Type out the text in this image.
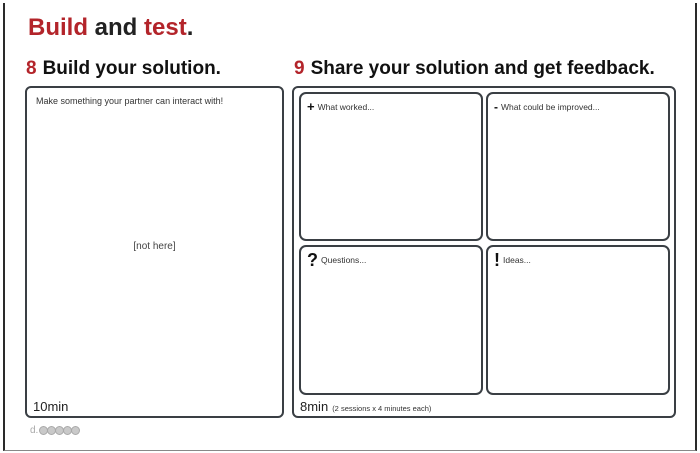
Build and test.
8 Build your solution.	9 Share your solution and get feedback.
Make something your partner can interact with!
[not here]
10min
+ What worked...	- What could be improved...
? Questions...	! Ideas...
8min (2 sessions x 4 minutes each)
d.
